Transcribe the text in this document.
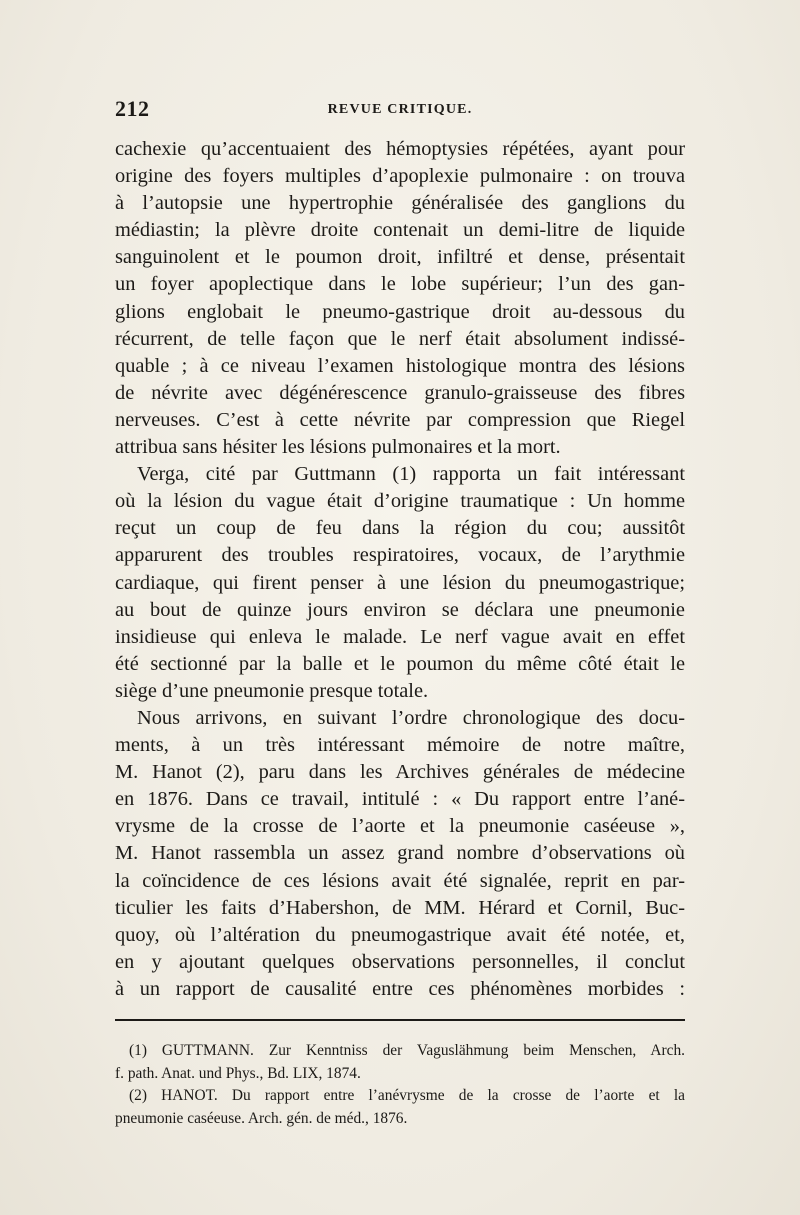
212	REVUE CRITIQUE.
cachexie qu’accentuaient des hémoptysies répétées, ayant pour
origine des foyers multiples d’apoplexie pulmonaire : on trouva
à l’autopsie une hypertrophie généralisée des ganglions du
médiastin; la plèvre droite contenait un demi-litre de liquide
sanguinolent et le poumon droit, infiltré et dense, présentait
un foyer apoplectique dans le lobe supérieur; l’un des gan-
glions englobait le pneumo-gastrique droit au-dessous du
récurrent, de telle façon que le nerf était absolument indissé-
quable ; à ce niveau l’examen histologique montra des lésions
de névrite avec dégénérescence granulo-graisseuse des fibres
nerveuses. C’est à cette névrite par compression que Riegel
attribua sans hésiter les lésions pulmonaires et la mort.
Verga, cité par Guttmann (1) rapporta un fait intéressant
où la lésion du vague était d’origine traumatique : Un homme
reçut un coup de feu dans la région du cou; aussitôt
apparurent des troubles respiratoires, vocaux, de l’arythmie
cardiaque, qui firent penser à une lésion du pneumogastrique;
au bout de quinze jours environ se déclara une pneumonie
insidieuse qui enleva le malade. Le nerf vague avait en effet
été sectionné par la balle et le poumon du même côté était le
siège d’une pneumonie presque totale.
Nous arrivons, en suivant l’ordre chronologique des docu-
ments, à un très intéressant mémoire de notre maître,
M. Hanot (2), paru dans les Archives générales de médecine
en 1876. Dans ce travail, intitulé : « Du rapport entre l’ané-
vrysme de la crosse de l’aorte et la pneumonie caséeuse »,
M. Hanot rassembla un assez grand nombre d’observations où
la coïncidence de ces lésions avait été signalée, reprit en par-
ticulier les faits d’Habershon, de MM. Hérard et Cornil, Buc-
quoy, où l’altération du pneumogastrique avait été notée, et,
en y ajoutant quelques observations personnelles, il conclut
à un rapport de causalité entre ces phénomènes morbides :
(1) GUTTMANN. Zur Kenntniss der Vaguslähmung beim Menschen, Arch.
f. path. Anat. und Phys., Bd. LIX, 1874.
(2) HANOT. Du rapport entre l’anévrysme de la crosse de l’aorte et la
pneumonie caséeuse. Arch. gén. de méd., 1876.
